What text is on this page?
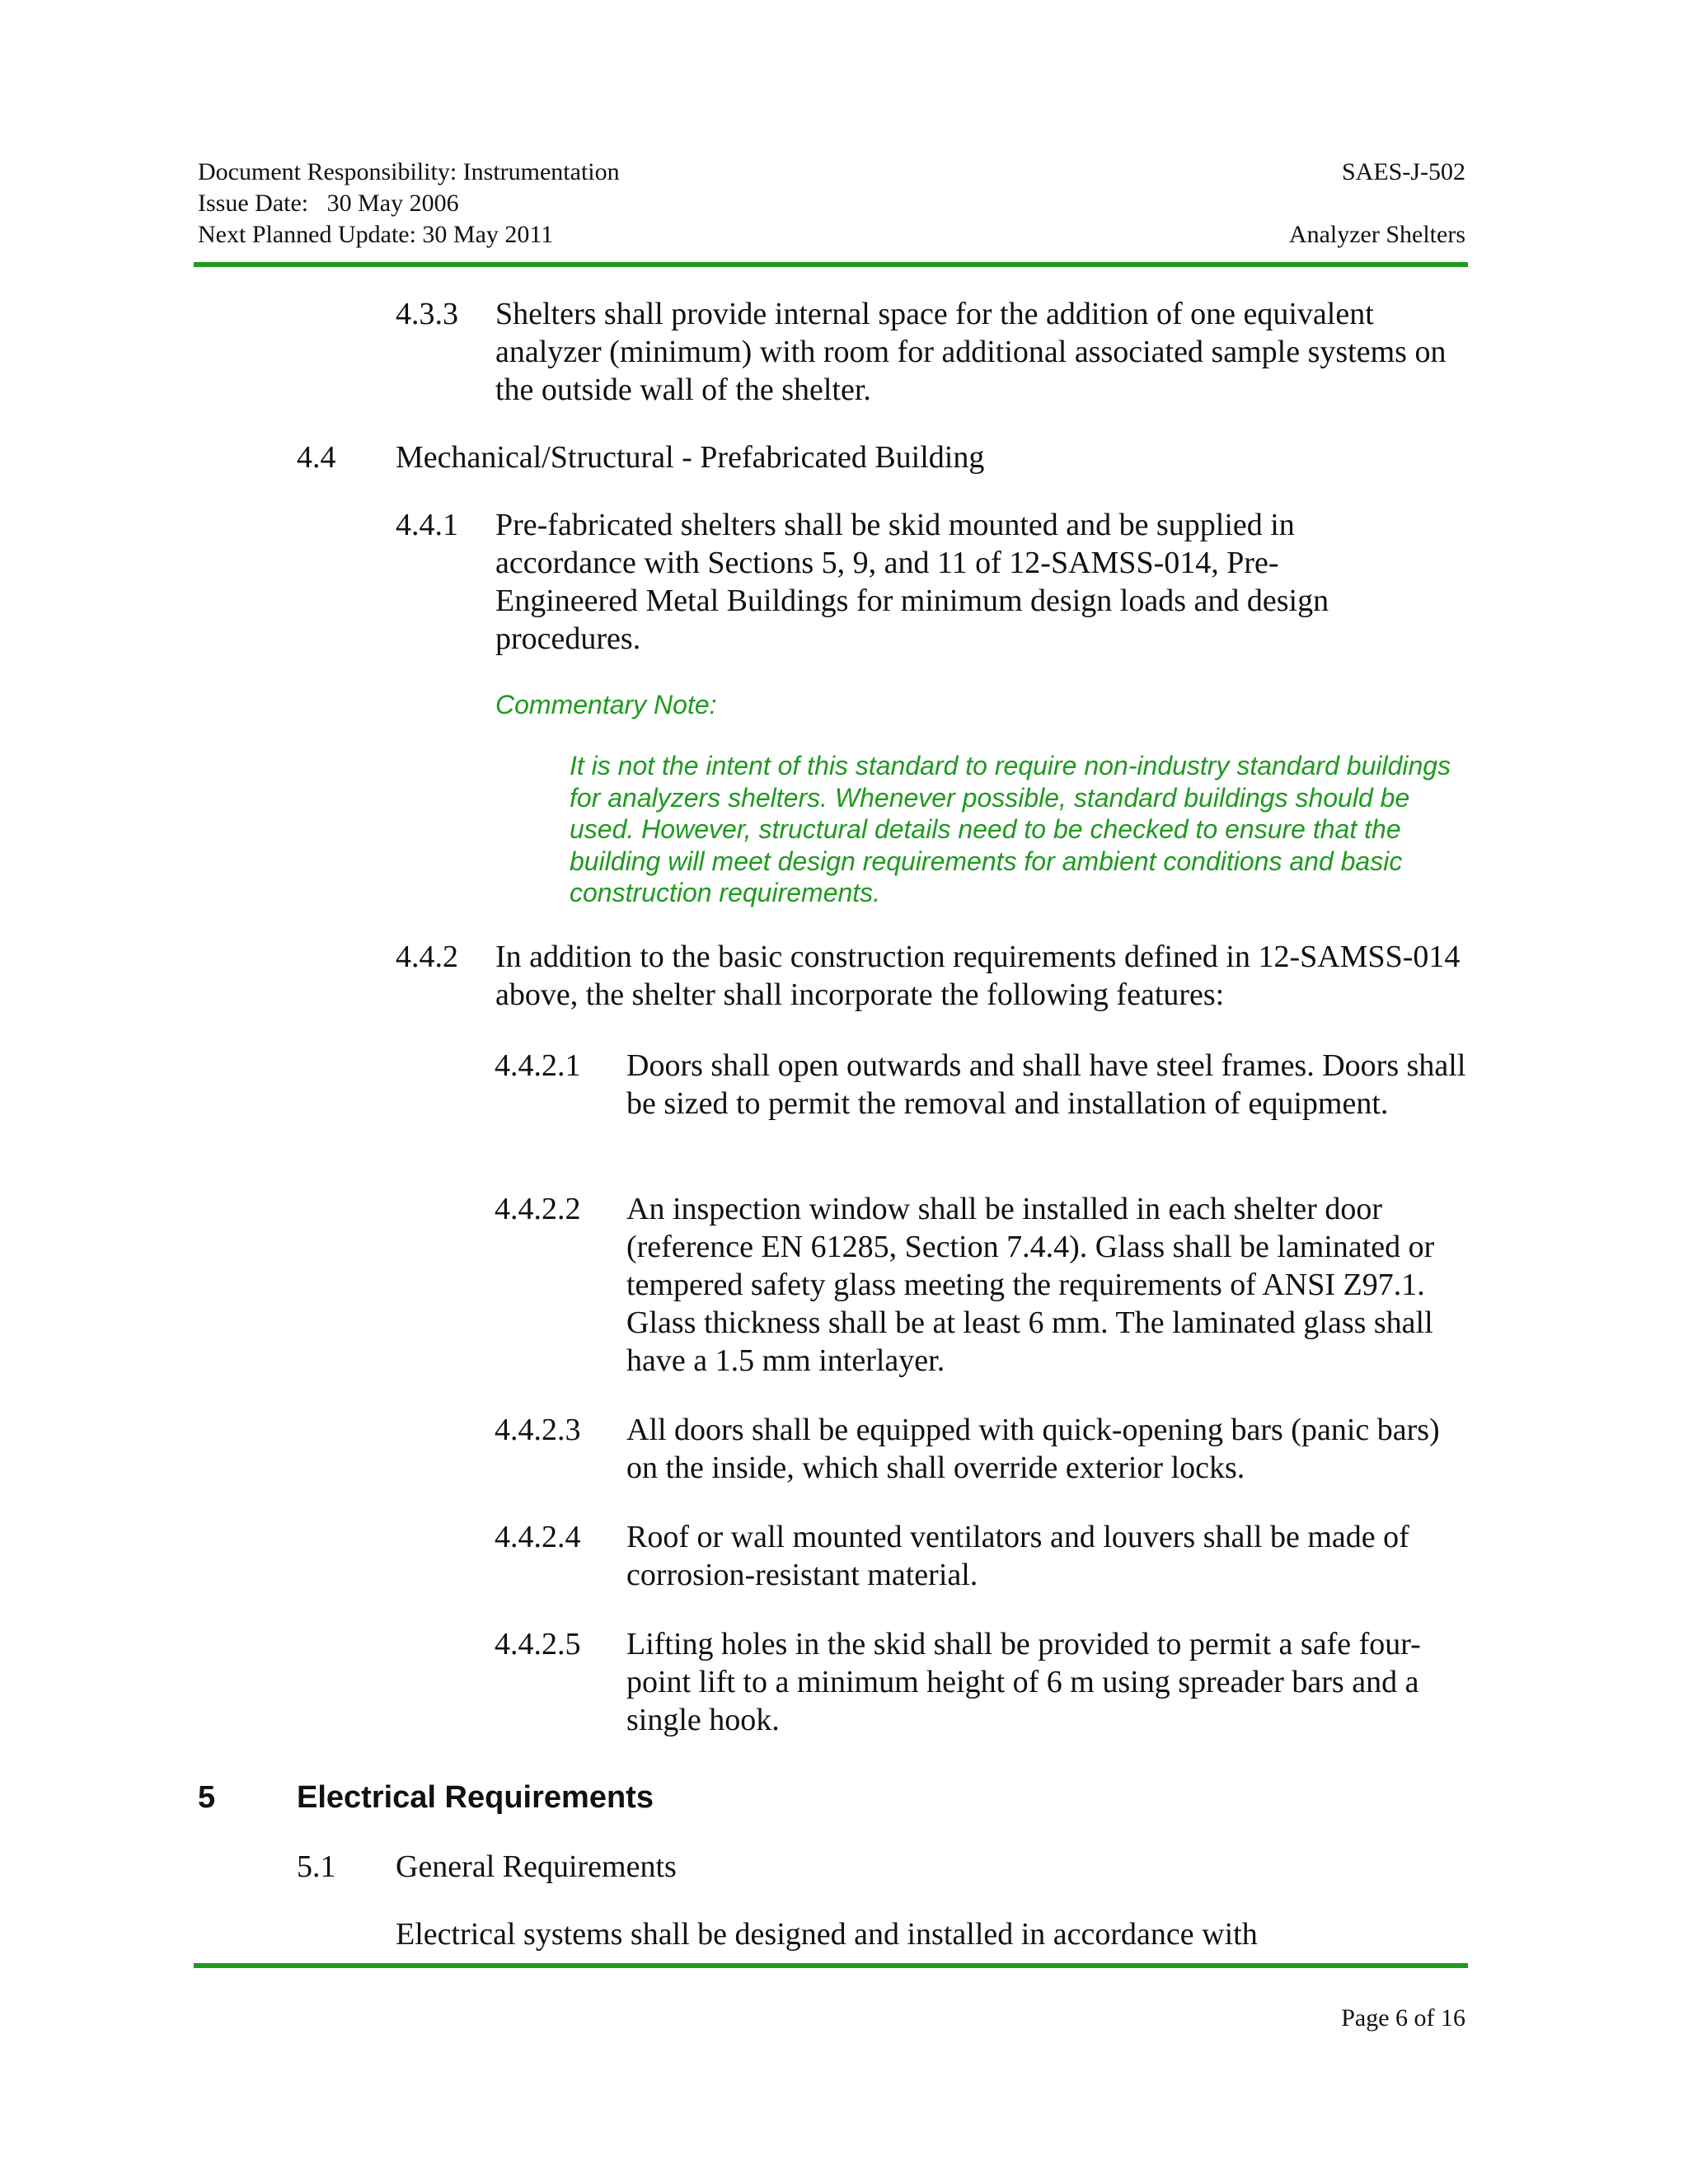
Document Responsibility: Instrumentation	SAES-J-502
Issue Date:   30 May 2006
Next Planned Update: 30 May 2011	Analyzer Shelters
4.3.3 Shelters shall provide internal space for the addition of one equivalent analyzer (minimum) with room for additional associated sample systems on the outside wall of the shelter.
4.4 Mechanical/Structural - Prefabricated Building
4.4.1 Pre-fabricated shelters shall be skid mounted and be supplied in accordance with Sections 5, 9, and 11 of 12-SAMSS-014, Pre-Engineered Metal Buildings for minimum design loads and design procedures.
Commentary Note:
It is not the intent of this standard to require non-industry standard buildings for analyzers shelters. Whenever possible, standard buildings should be used. However, structural details need to be checked to ensure that the building will meet design requirements for ambient conditions and basic construction requirements.
4.4.2 In addition to the basic construction requirements defined in 12-SAMSS-014 above, the shelter shall incorporate the following features:
4.4.2.1 Doors shall open outwards and shall have steel frames. Doors shall be sized to permit the removal and installation of equipment.
4.4.2.2 An inspection window shall be installed in each shelter door (reference EN 61285, Section 7.4.4). Glass shall be laminated or tempered safety glass meeting the requirements of ANSI Z97.1. Glass thickness shall be at least 6 mm. The laminated glass shall have a 1.5 mm interlayer.
4.4.2.3 All doors shall be equipped with quick-opening bars (panic bars) on the inside, which shall override exterior locks.
4.4.2.4 Roof or wall mounted ventilators and louvers shall be made of corrosion-resistant material.
4.4.2.5 Lifting holes in the skid shall be provided to permit a safe four-point lift to a minimum height of 6 m using spreader bars and a single hook.
5	Electrical Requirements
5.1 General Requirements
Electrical systems shall be designed and installed in accordance with
Page 6 of 16
